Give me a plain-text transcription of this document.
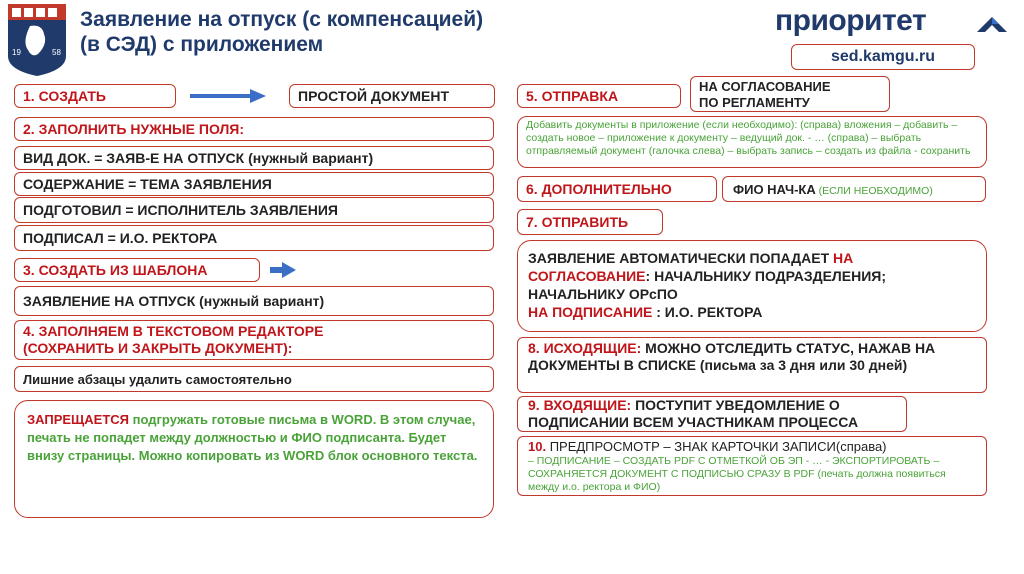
19	58
Заявление на отпуск (с компенсацией)
(в СЭД) с приложением
приоритет
sed.kamgu.ru
1. СОЗДАТЬ	ПРОСТОЙ ДОКУМЕНТ
2. ЗАПОЛНИТЬ НУЖНЫЕ ПОЛЯ:
ВИД ДОК. = ЗАЯВ-Е НА ОТПУСК (нужный вариант)
СОДЕРЖАНИЕ = ТЕМА ЗАЯВЛЕНИЯ
ПОДГОТОВИЛ = ИСПОЛНИТЕЛЬ ЗАЯВЛЕНИЯ
ПОДПИСАЛ = И.О. РЕКТОРА
3. СОЗДАТЬ ИЗ ШАБЛОНА
ЗАЯВЛЕНИЕ НА ОТПУСК (нужный вариант)
4. ЗАПОЛНЯЕМ В ТЕКСТОВОМ РЕДАКТОРЕ
(СОХРАНИТЬ И ЗАКРЫТЬ ДОКУМЕНТ):
Лишние абзацы удалить самостоятельно
ЗАПРЕЩАЕТСЯ подгружать готовые письма в WORD. В этом случае, печать не попадет между должностью и ФИО подписанта. Будет внизу страницы. Можно копировать из WORD блок основного текста.
5. ОТПРАВКА
НА СОГЛАСОВАНИЕ
ПО РЕГЛАМЕНТУ
Добавить документы в приложение (если необходимо): (справа) вложения – добавить – создать новое – приложение к документу – ведущий док. - … (справа) – выбрать отправляемый документ (галочка слева) – выбрать запись – создать из файла - сохранить
6. ДОПОЛНИТЕЛЬНО	ФИО НАЧ-КА (ЕСЛИ НЕОБХОДИМО)
7. ОТПРАВИТЬ
ЗАЯВЛЕНИЕ АВТОМАТИЧЕСКИ ПОПАДАЕТ НА СОГЛАСОВАНИЕ: НАЧАЛЬНИКУ ПОДРАЗДЕЛЕНИЯ; НАЧАЛЬНИКУ ОРсПО
НА ПОДПИСАНИЕ : И.О. РЕКТОРА
8. ИСХОДЯЩИЕ: МОЖНО ОТСЛЕДИТЬ СТАТУС, НАЖАВ НА ДОКУМЕНТЫ В СПИСКЕ (письма за 3 дня или 30 дней)
9. ВХОДЯЩИЕ: ПОСТУПИТ УВЕДОМЛЕНИЕ О ПОДПИСАНИИ ВСЕМ УЧАСТНИКАМ ПРОЦЕССА
10. ПРЕДПРОСМОТР – ЗНАК КАРТОЧКИ ЗАПИСИ(справа)
– ПОДПИСАНИЕ – СОЗДАТЬ PDF С ОТМЕТКОЙ ОБ ЭП - … - ЭКСПОРТИРОВАТЬ – СОХРАНЯЕТСЯ ДОКУМЕНТ С ПОДПИСЬЮ СРАЗУ В PDF (печать должна появиться между и.о. ректора и ФИО)
